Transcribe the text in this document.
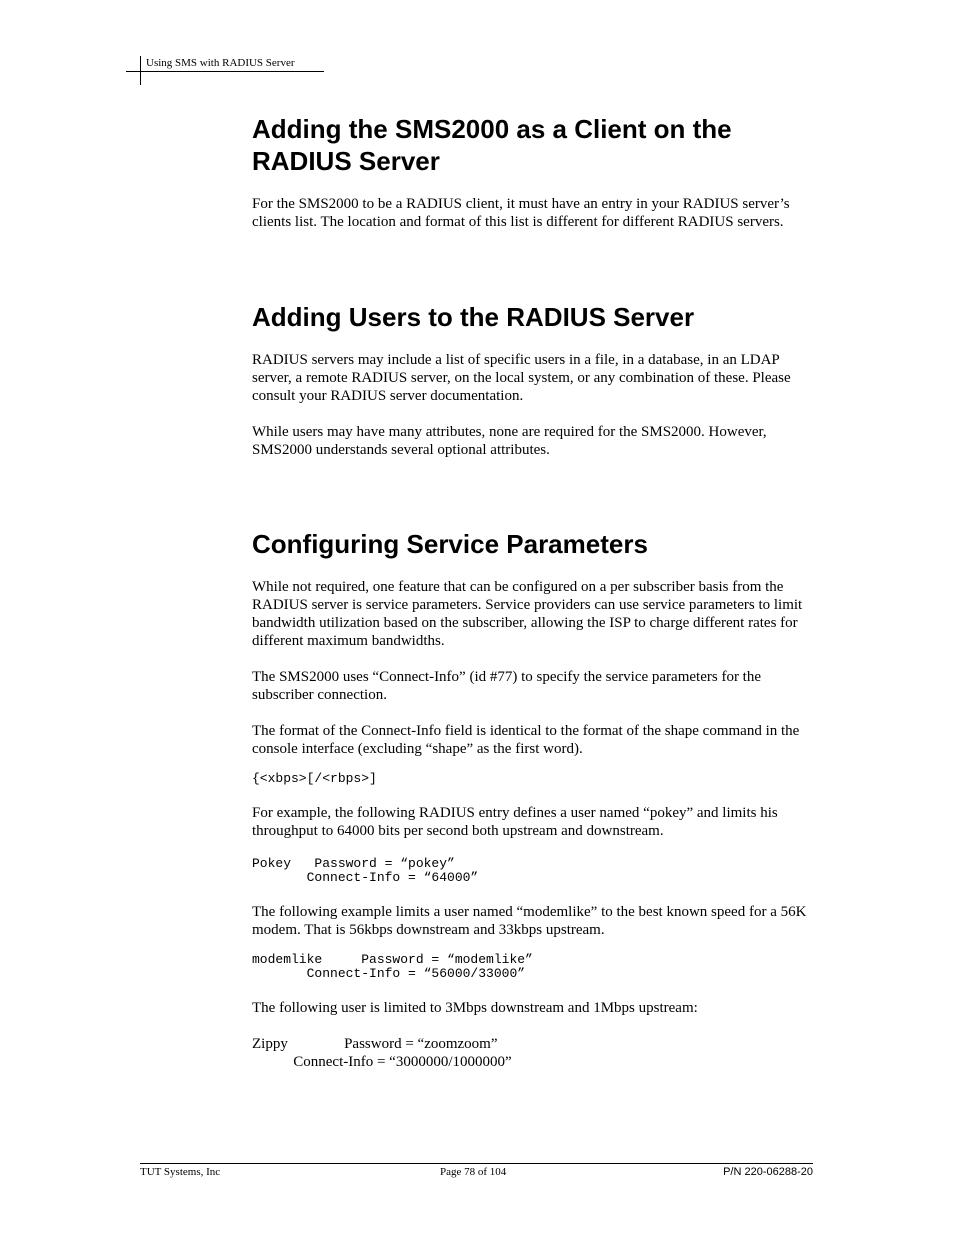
Using SMS with RADIUS Server
Adding the SMS2000 as a Client on the RADIUS Server

For the SMS2000 to be a RADIUS client, it must have an entry in your RADIUS server’s clients list. The location and format of this list is different for different RADIUS servers.

Adding Users to the RADIUS Server

RADIUS servers may include a list of specific users in a file, in a database, in an LDAP server, a remote RADIUS server, on the local system, or any combination of these. Please consult your RADIUS server documentation.

While users may have many attributes, none are required for the SMS2000. However, SMS2000 understands several optional attributes.

Configuring Service Parameters

While not required, one feature that can be configured on a per subscriber basis from the RADIUS server is service parameters. Service providers can use service parameters to limit bandwidth utilization based on the subscriber, allowing the ISP to charge different rates for different maximum bandwidths.

The SMS2000 uses “Connect-Info” (id #77) to specify the service parameters for the subscriber connection.

The format of the Connect-Info field is identical to the format of the shape command in the console interface (excluding “shape” as the first word).

{<xbps>[/<rbps>]

For example, the following RADIUS entry defines a user named “pokey” and limits his throughput to 64000 bits per second both upstream and downstream.

Pokey   Password = “pokey”
Connect-Info = “64000”

The following example limits a user named “modemlike” to the best known speed for a 56K modem. That is 56kbps downstream and 33kbps upstream.

modemlike     Password = “modemlike”
Connect-Info = “56000/33000”

The following user is limited to 3Mbps downstream and 1Mbps upstream:

Zippy               Password = “zoomzoom”
Connect-Info = “3000000/1000000”
TUT Systems, Inc	Page 78 of 104	P/N 220-06288-20
